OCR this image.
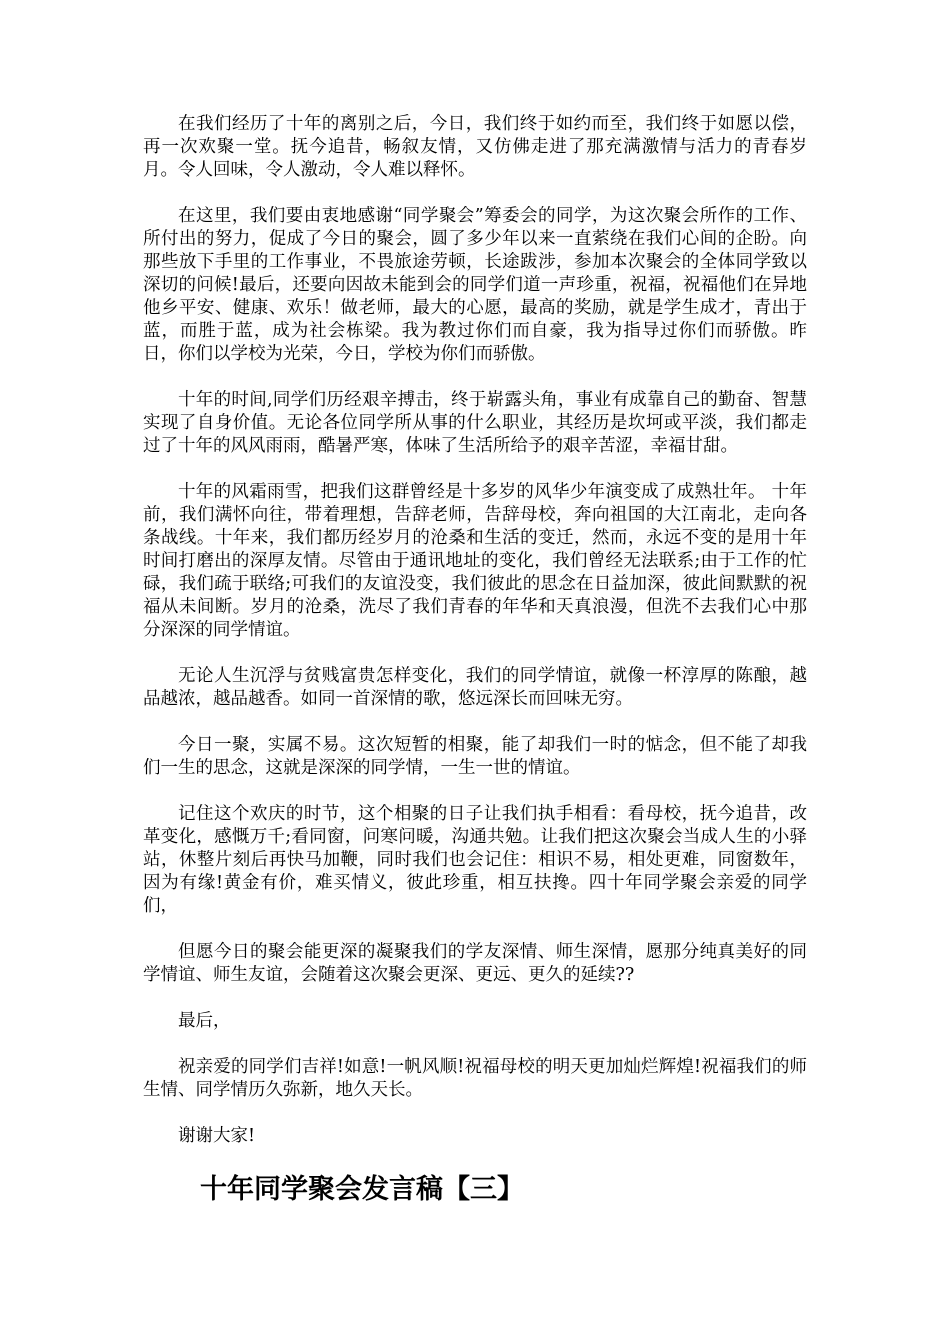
在我们经历了十年的离别之后，今日，我们终于如约而至，我们终于如愿以偿，再一次欢聚一堂。抚今追昔，畅叙友情，又仿佛走进了那充满激情与活力的青春岁月。令人回味，令人激动，令人难以释怀。

在这里，我们要由衷地感谢“同学聚会”筹委会的同学，为这次聚会所作的工作、所付出的努力，促成了今日的聚会，圆了多少年以来一直萦绕在我们心间的企盼。向那些放下手里的工作事业，不畏旅途劳顿，长途跋涉，参加本次聚会的全体同学致以深切的问候!最后，还要向因故未能到会的同学们道一声珍重，祝福，祝福他们在异地他乡平安、健康、欢乐！做老师，最大的心愿，最高的奖励，就是学生成才，青出于蓝，而胜于蓝，成为社会栋梁。我为教过你们而自豪，我为指导过你们而骄傲。昨日，你们以学校为光荣，今日，学校为你们而骄傲。

十年的时间,同学们历经艰辛搏击，终于崭露头角，事业有成靠自己的勤奋、智慧实现了自身价值。无论各位同学所从事的什么职业，其经历是坎坷或平淡，我们都走过了十年的风风雨雨，酷暑严寒，体味了生活所给予的艰辛苦涩，幸福甘甜。

十年的风霜雨雪，把我们这群曾经是十多岁的风华少年演变成了成熟壮年。 十年前，我们满怀向往，带着理想，告辞老师，告辞母校，奔向祖国的大江南北，走向各条战线。十年来，我们都历经岁月的沧桑和生活的变迁，然而，永远不变的是用十年时间打磨出的深厚友情。尽管由于通讯地址的变化，我们曾经无法联系;由于工作的忙碌，我们疏于联络;可我们的友谊没变，我们彼此的思念在日益加深，彼此间默默的祝福从未间断。岁月的沧桑，洗尽了我们青春的年华和天真浪漫，但洗不去我们心中那分深深的同学情谊。

无论人生沉浮与贫贱富贵怎样变化，我们的同学情谊，就像一杯淳厚的陈酿，越品越浓，越品越香。如同一首深情的歌，悠远深长而回味无穷。

今日一聚，实属不易。这次短暂的相聚，能了却我们一时的惦念，但不能了却我们一生的思念，这就是深深的同学情，一生一世的情谊。

记住这个欢庆的时节，这个相聚的日子让我们执手相看：看母校，抚今追昔，改革变化，感慨万千;看同窗，问寒问暖，沟通共勉。让我们把这次聚会当成人生的小驿站，休整片刻后再快马加鞭，同时我们也会记住：相识不易，相处更难，同窗数年，因为有缘!黄金有价，难买情义，彼此珍重，相互扶搀。四十年同学聚会亲爱的同学们，

但愿今日的聚会能更深的凝聚我们的学友深情、师生深情，愿那分纯真美好的同学情谊、师生友谊，会随着这次聚会更深、更远、更久的延续??

最后，

祝亲爱的同学们吉祥!如意!一帆风顺!祝福母校的明天更加灿烂辉煌!祝福我们的师生情、同学情历久弥新，地久天长。

谢谢大家!

十年同学聚会发言稿【三】
